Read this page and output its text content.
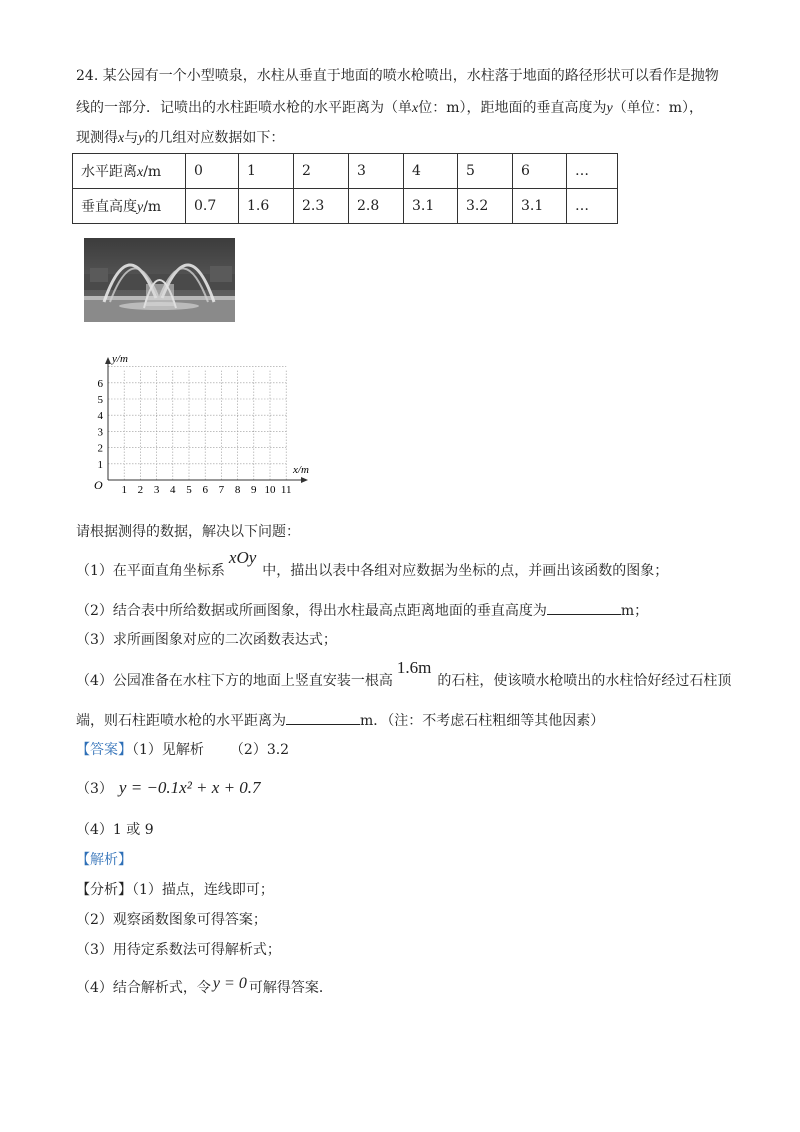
24. 某公园有一个小型喷泉，水柱从垂直于地面的喷水枪喷出，水柱落于地面的路径形状可以看作是抛物
线的一部分．记喷出的水柱距喷水枪的水平距离为（单x位：m），距地面的垂直高度为y（单位：m），
现测得x与y的几组对应数据如下：
水平距离x/m	0	1	2	3	4	5	6	…
垂直高度y/m	0.7	1.6	2.3	2.8	3.1	3.2	3.1	…
1 2 3 4 5 6 7 8 9 10 11
1
2
3
4
5
6
O
y/m
x/m
请根据测得的数据，解决以下问题：
（1）在平面直角坐标系xOy中，描出以表中各组对应数据为坐标的点，并画出该函数的图象；
（2）结合表中所给数据或所画图象，得出水柱最高点距离地面的垂直高度为	m；
（3）求所画图象对应的二次函数表达式；
（4）公园准备在水柱下方的地面上竖直安装一根高1.6m的石柱，使该喷水枪喷出的水柱恰好经过石柱顶
端，则石柱距喷水枪的水平距离为	m．（注：不考虑石柱粗细等其他因素）
【答案】（1）见解析 （2）3.2
（3） y = −0.1x² + x + 0.7
（4）1 或 9
【解析】
【分析】（1）描点，连线即可；
（2）观察函数图象可得答案；
（3）用待定系数法可得解析式；
（4）结合解析式，令 y = 0 可解得答案．
